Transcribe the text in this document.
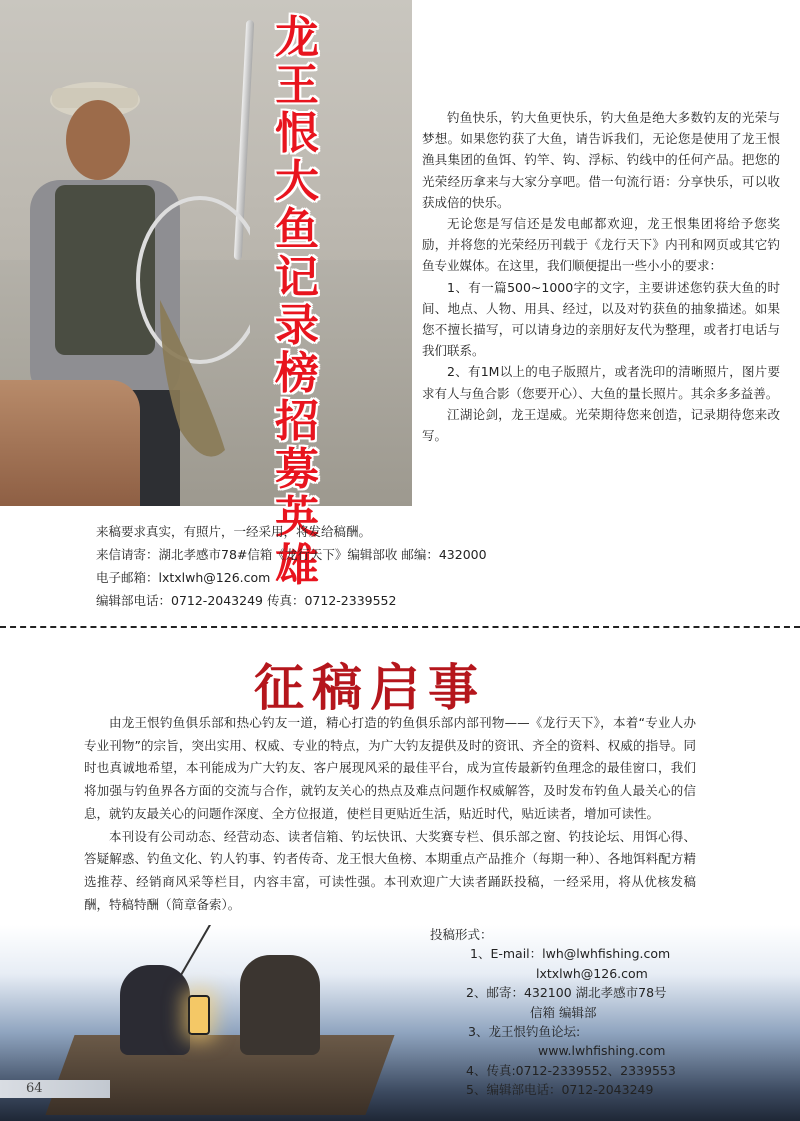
龙
王
恨
大
鱼
记
录
榜
招
募
英
雄

钓鱼快乐，钓大鱼更快乐，钓大鱼是绝大多数钓友的光荣与梦想。如果您钓获了大鱼，请告诉我们，无论您是使用了龙王恨渔具集团的鱼饵、钓竿、钩、浮标、钓线中的任何产品。把您的光荣经历拿来与大家分享吧。借一句流行语：分享快乐，可以收获成倍的快乐。

无论您是写信还是发电邮都欢迎，龙王恨集团将给予您奖励，并将您的光荣经历刊载于《龙行天下》内刊和网页或其它钓鱼专业媒体。在这里，我们顺便提出一些小小的要求：

1、有一篇500~1000字的文字，主要讲述您钓获大鱼的时间、地点、人物、用具、经过，以及对钓获鱼的抽象描述。如果您不擅长描写，可以请身边的亲朋好友代为整理，或者打电话与我们联系。

2、有1M以上的电子版照片，或者洗印的清晰照片，图片要求有人与鱼合影（您要开心）、大鱼的量长照片。其余多多益善。

江湖论剑，龙王逞威。光荣期待您来创造，记录期待您来改写。

来稿要求真实，有照片，一经采用，将发给稿酬。
来信请寄：湖北孝感市78#信箱《龙行天下》编辑部收 邮编：432000
电子邮箱：lxtxlwh@126.com
编辑部电话：0712-2043249 传真：0712-2339552
征稿启事

由龙王恨钓鱼俱乐部和热心钓友一道，精心打造的钓鱼俱乐部内部刊物——《龙行天下》，本着“专业人办专业刊物”的宗旨，突出实用、权威、专业的特点，为广大钓友提供及时的资讯、齐全的资料、权威的指导。同时也真诚地希望，本刊能成为广大钓友、客户展现风采的最佳平台，成为宣传最新钓鱼理念的最佳窗口，我们将加强与钓鱼界各方面的交流与合作，就钓友关心的热点及难点问题作权威解答，及时发布钓鱼人最关心的信息，就钓友最关心的问题作深度、全方位报道，使栏目更贴近生活，贴近时代，贴近读者，增加可读性。

本刊设有公司动态、经营动态、读者信箱、钓坛快讯、大奖赛专栏、俱乐部之窗、钓技论坛、用饵心得、答疑解惑、钓鱼文化、钓人钓事、钓者传奇、龙王恨大鱼榜、本期重点产品推介（每期一种）、各地饵料配方精选推荐、经销商风采等栏目，内容丰富，可读性强。本刊欢迎广大读者踊跃投稿，一经采用，将从优核发稿酬，特稿特酬（简章备索）。

投稿形式：
1、E-mail：lwh@lwhfishing.com
lxtxlwh@126.com
2、邮寄：432100 湖北孝感市78号
信箱 编辑部
3、龙王恨钓鱼论坛:
www.lwhfishing.com
4、传真:0712-2339552、2339553
5、编辑部电话：0712-2043249
64
